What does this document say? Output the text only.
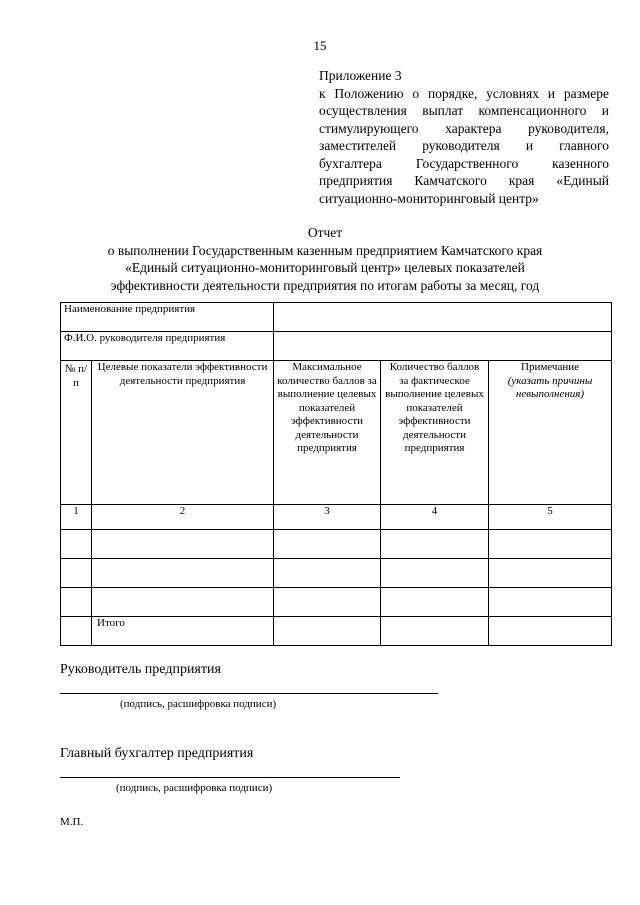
15
Приложение 3
к Положению о порядке, условиях и размере
осуществления выплат компенсационного и
стимулирующего характера руководителя,
заместителей руководителя и главного
бухгалтера Государственного казенного
предприятия Камчатского края «Единый
ситуационно-мониторинговый центр»
Отчет
о выполнении Государственным казенным предприятием Камчатского края
«Единый ситуационно-мониторинговый центр» целевых показателей
эффективности деятельности предприятия по итогам работы за месяц, год
Наименование предприятия				
Ф.И.О. руководителя предприятия				
№ п/п	Целевые показатели эффективности деятельности предприятия	Максимальное количество баллов за выполнение целевых показателей эффективности деятельности предприятия	Количество баллов за фактическое выполнение целевых показателей эффективности деятельности предприятия	Примечание
(указать причины невыполнения)
1	2	3	4	5

	Итого			
Руководитель предприятия
(подпись, расшифровка подписи)
Главный бухгалтер предприятия
(подпись, расшифровка подписи)
М.П.
